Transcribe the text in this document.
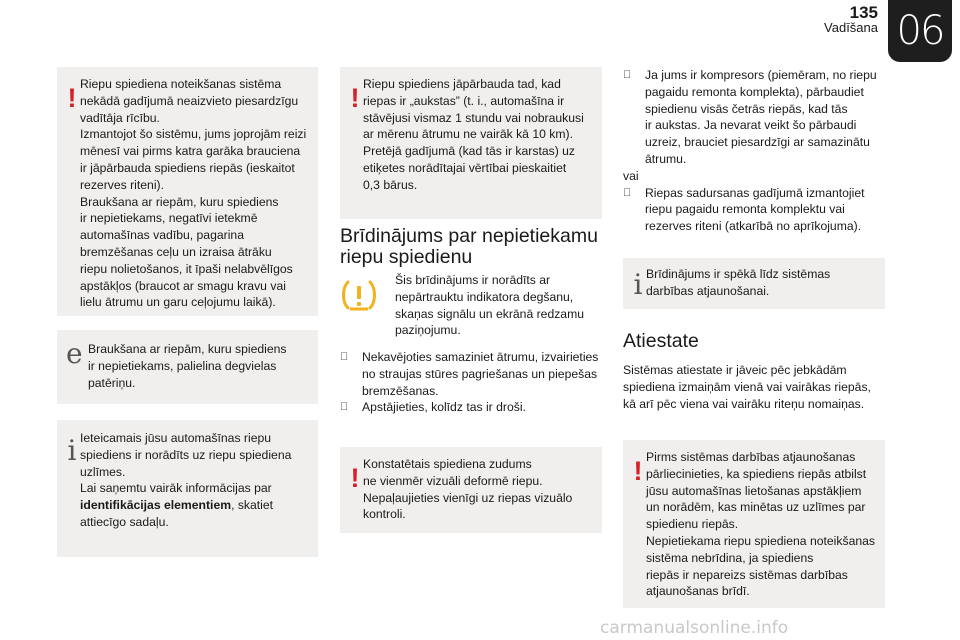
135
Vadīšana 06
! Riepu spiediena noteikšanas sistēma

nekādā gadījumā neaizvieto piesardzīgu

vadītāja rīcību.

Izmantojot šo sistēmu, jums joprojām reizi

mēnesī vai pirms katra garāka brauciena

ir jāpārbauda spiediens riepās (ieskaitot

rezerves riteni).

Braukšana ar riepām, kuru spiediens

ir nepietiekams, negatīvi ietekmē

automašīnas vadību, pagarina

bremzēšanas ceļu un izraisa ātrāku

riepu nolietošanos, it īpaši nelabvēlīgos

apstākļos (braucot ar smagu kravu vai

lielu ātrumu un garu ceļojumu laikā).

e Braukšana ar riepām, kuru spiediens

ir nepietiekams, palielina degvielas

patēriņu.

i Ieteicamais jūsu automašīnas riepu

spiediens ir norādīts uz riepu spiediena

uzlīmes.

Lai saņemtu vairāk informācijas par

identifikācijas elementiem, skatiet

attiecīgo sadaļu.

! Riepu spiediens jāpārbauda tad, kad

riepas ir „aukstas” (t. i., automašīna ir

stāvējusi vismaz 1 stundu vai nobraukusi

ar mērenu ātrumu ne vairāk kā 10 km).

Pretējā gadījumā (kad tās ir karstas) uz

etiķetes norādītajai vērtībai pieskaitiet

0,3 bārus.

Brīdinājums par nepietiekamu
riepu spiedienu

Šis brīdinājums ir norādīts ar

nepārtrauktu indikatora degšanu,

skaņas signālu un ekrānā redzamu

paziņojumu.

Nekavējoties samaziniet ātrumu, izvairieties

no straujas stūres pagriešanas un piepešas

bremzēšanas.

Apstājieties, kolīdz tas ir droši.

! Konstatētais spiediena zudums

ne vienmēr vizuāli deformē riepu.

Nepaļaujieties vienīgi uz riepas vizuālo

kontroli.

Ja jums ir kompresors (piemēram, no riepu

pagaidu remonta komplekta), pārbaudiet

spiedienu visās četrās riepās, kad tās

ir aukstas. Ja nevarat veikt šo pārbaudi

uzreiz, brauciet piesardzīgi ar samazinātu

ātrumu.

vai

Riepas sadursanas gadījumā izmantojiet

riepu pagaidu remonta komplektu vai

rezerves riteni (atkarībā no aprīkojuma).

i Brīdinājums ir spēkā līdz sistēmas

darbības atjaunošanai.

Atiestate

Sistēmas atiestate ir jāveic pēc jebkādām

spiediena izmaiņām vienā vai vairākas riepās,

kā arī pēc viena vai vairāku riteņu nomaiņas.

! Pirms sistēmas darbības atjaunošanas

pārliecinieties, ka spiediens riepās atbilst

jūsu automašīnas lietošanas apstākļiem

un norādēm, kas minētas uz uzlīmes par

spiedienu riepās.

Nepietiekama riepu spiediena noteikšanas

sistēma nebrīdina, ja spiediens

riepās ir nepareizs sistēmas darbības

atjaunošanas brīdī.

carmanualsonline.info
